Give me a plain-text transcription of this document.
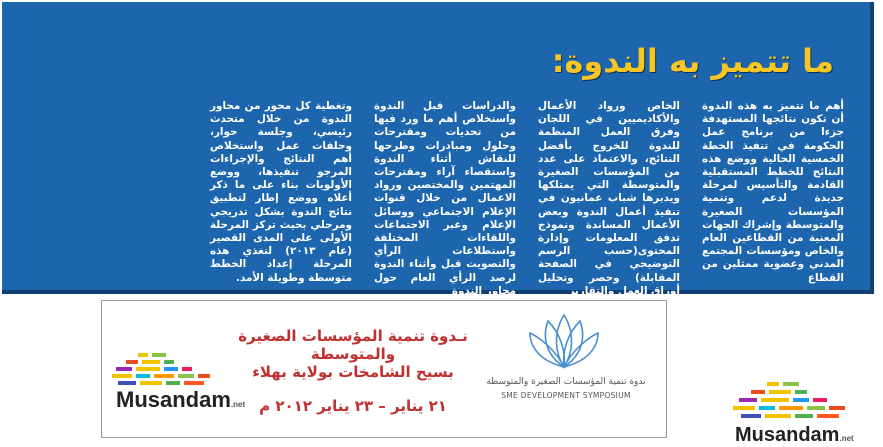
ما تتميز به الندوة:
أهم ما تتميز به هذه الندوة أن تكون نتائجها المستهدفة جزءا من برنامج عمل الحكومة في تنفيذ الخطة الخمسية الحالية ووضع هذه النتائج للخطط المستقبلية القادمة والتأسيس لمرحلة جديدة لدعم وتنمية المؤسسات الصغيرة والمتوسطة وإشراك الجهات المعنية من القطاعين العام والخاص ومؤسسات المجتمع المدني وعضوية ممثلين من القطاع
الخاص ورواد الأعمال والأكاديميين في اللجان وفرق العمل المنظمة للندوة للخروج بأفضل النتائج، والاعتماد على عدد من المؤسسات الصغيرة والمتوسطة التي يمتلكها ويديرها شباب عمانيون في تنفيذ أعمال الندوة وبعض الأعمال المساندة ونموذج تدفق المعلومات وإدارة المحتوى(حسب الرسم التوضيحي في الصفحة المقابلة) وحصر وتحليل أوراق العمل والتقارير
والدراسات قبل الندوة واستخلاص أهم ما ورد فيها من تحديات ومقترحات وحلول ومبادرات وطرحها للنقاش أثناء الندوة واستقصاء آراء ومقترحات المهتمين والمختصين ورواد الاعمال من خلال قنوات الإعلام الاجتماعي ووسائل الإعلام وعبر الاجتماعات واللقاءات المختلفة واستطلاعات الرأي والتصويت قبل وأثناء الندوة لرصد الرأي العام حول محاور الندوة
وتغطية كل محور من محاور الندوة من خلال متحدث رئيسي، وجلسة حوار، وحلقات عمل واستخلاص أهم النتائج والإجراءات المرجو تنفيذها، ووضع الأولويات بناء على ما ذكر أعلاه ووضع إطار لتطبيق نتائج الندوة بشكل تدريجي ومرحلي بحيث تركز المرحلة الأولى على المدى القصير (عام ٢٠١٣) لتغذي هذه المرحلة إعداد الخطط متوسطة وطويلة الأمد.
ندوة تنمية المؤسسات الصغيرة والمتوسطة
SME DEVELOPMENT SYMPOSIUM
نـدوة تنمية المؤسسات الصغيرة والمتوسطة
بسيح الشامخات بولاية بهلاء
٢١ يناير – ٢٣ يناير ٢٠١٢ م
Musandam.net
Musandam.net
